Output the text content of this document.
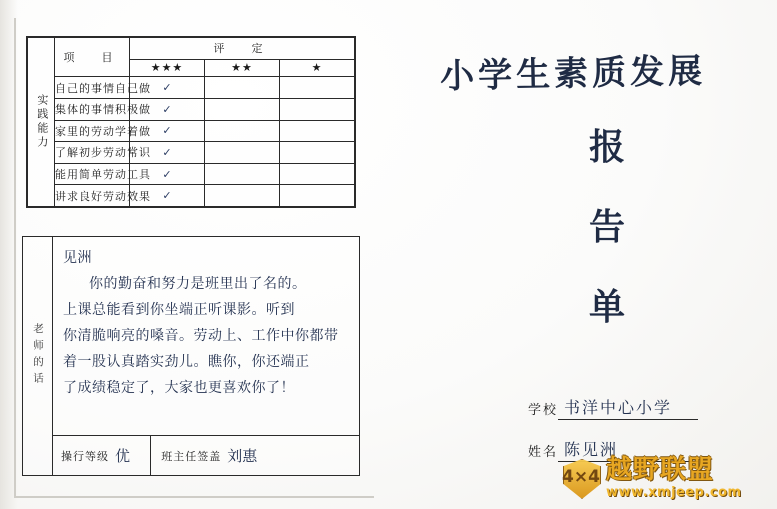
实践能力	项　目	评　定		
		★★★	★★	★
	自己的事情自己做	✓		
	集体的事情积极做	✓		
	家里的劳动学着做	✓		
	了解初步劳动常识	✓		
	能用简单劳动工具	✓		
	讲求良好劳动效果	✓		
老师的话
见洲
你的勤奋和努力是班里出了名的。
上课总能看到你坐端正听课影。听到
你清脆响亮的嗓音。劳动上、工作中你都带
着一股认真踏实劲儿。瞧你，你还端正
了成绩稳定了，大家也更喜欢你了！
操行等级 优	班主任签盖 刘惠
小学生素质发展
报
告
单
学校 书洋中心小学
姓名 陈见洲
4×4 越野联盟
www.xmjeep.com
